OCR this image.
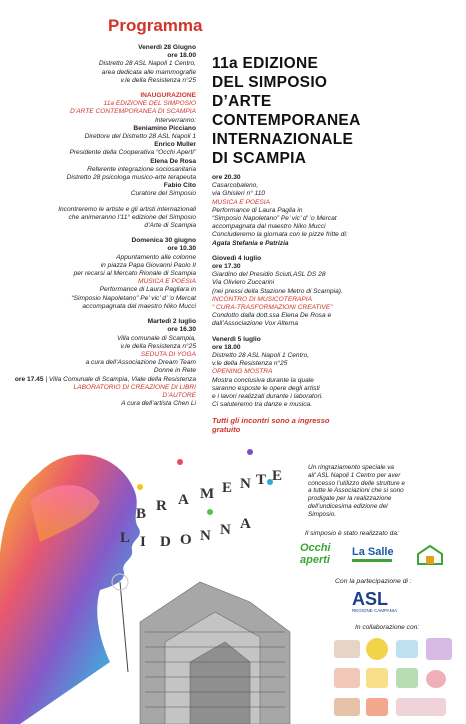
Programma
Venerdì 28 Giugno
ore 18.00
Distretto 28 ASL Napoli 1 Centro,
area dedicata alle mammografie
v.le della Resistenza n°25
INAUGURAZIONE
11a EDIZIONE DEL SIMPOSIO
D’ARTE CONTEMPORANEA DI SCAMPIA
Interverranno:
Beniamino Picciano
Direttore del Distretto 28 ASL Napoli 1
Enrico Muller
Presidente della Cooperativa “Occhi Aperti”
Elena De Rosa
Referente integrazione sociosanitaria
Distretto 28 psicologa musico-arte terapeuta
Fabio Cito
Curatore del Simposio
Incontreremo le artiste e gli artisti internazionali
che animeranno l’11° edizione del Simposio
d’Arte di Scampia
Domenica 30 giugno
ore 10.30
Appuntamento alle colonne
in piazza Papa Giovanni Paolo II
per recarsi al Mercato Rionale di Scampia
MUSICA E POESIA
Performance di Laura Pagliara in
“Simposio Napoletano” Pe’ vic’ d’ ’o Mercat
accompagnata dal maestro Niko Mucci
Martedì 2 luglio
ore 16.30
Villa comunale di Scampia,
v.le della Resistenza n°25
SEDUTA DI YOGA
a cura dell’Associazione Dream Team
Donne in Rete
ore 17.45 | Villa Comunale di Scampia, Viale della Resistenza
LABORATORIO DI CREAZIONE DI LIBRI
D’AUTORE
A cura dell’artista Chen Li
11a EDIZIONE
DEL SIMPOSIO
D’ARTE
CONTEMPORANEA
INTERNAZIONALE
DI SCAMPIA
ore 20.30
Casarcobaleno,
via Ghisleri n° 110
MUSICA E POESIA
Performance di Laura Paglia in
“Simposio Napoletano” Pe’ vic’ d’ ’o Mercat
accompagnata dal maestro Niko Mucci
Concluderemo la giornata con le pizze fritte di:
Agata Stefania e Patrizia
Giovedì 4 luglio
ore 17.30
Giardino del Presidio Sciuti,ASL DS 28
Via Oliviero Zuccarini
(nei pressi della Stazione Metro di Scampia).
INCONTRO DI MUSICOTERAPIA
“ CURA-TRASFORMAZIONI CREATIVE”
Condotto dalla dott.ssa Elena De Rosa e
dall’Associazione Vox Alterna
Venerdì 5 luglio
ore 18.00
Distretto 28 ASL Napoli 1 Centro,
v.le della Resistenza n°25
OPENING MOSTRA
Mostra conclusiva durante la quale
saranno esposte le opere degli artisti
e i lavori realizzati durante i laboratori.
Ci saluteremo tra danze e musica.
Tutti gli incontri sono a ingresso
gratuito
Un ringraziamento speciale va
all’ ASL Napoli 1 Centro per aver
concesso l’utilizzo delle strutture e
a tutte le Associazioni che si sono
prodigate per la realizzazione
dell’undicesima edizione del
Simposio.
Il simposio è stato realizzato da:
Occhi aperti
La Salle
Con la partecipazione di :
ASL
REGIONE CAMPANIA
In collaborazione con:
B R A M E N T E
L I D O N N A
